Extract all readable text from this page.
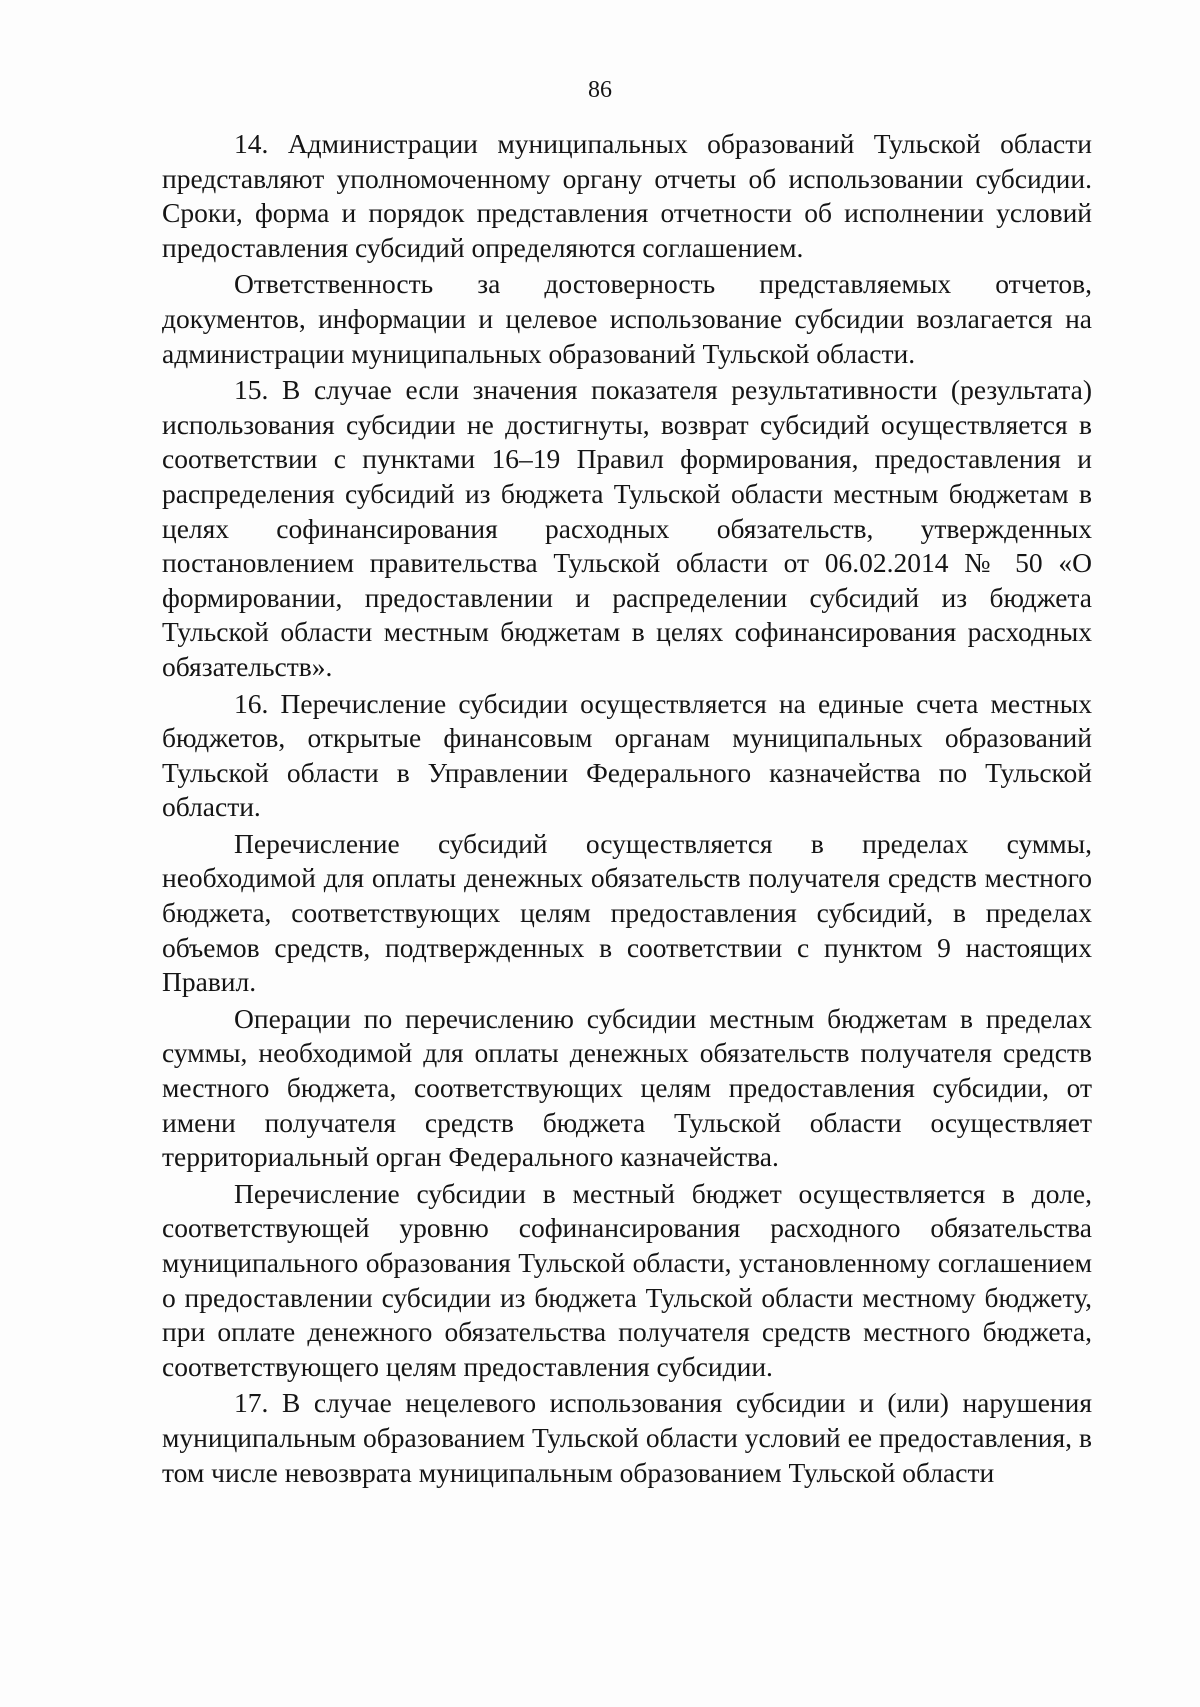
86

14. Администрации муниципальных образований Тульской области представляют уполномоченному органу отчеты об использовании субсидии. Сроки, форма и порядок представления отчетности об исполнении условий предоставления субсидий определяются соглашением.

Ответственность за достоверность представляемых отчетов, документов, информации и целевое использование субсидии возлагается на администрации муниципальных образований Тульской области.

15. В случае если значения показателя результативности (результата) использования субсидии не достигнуты, возврат субсидий осуществляется в соответствии с пунктами 16–19 Правил формирования, предоставления и распределения субсидий из бюджета Тульской области местным бюджетам в целях софинансирования расходных обязательств, утвержденных постановлением правительства Тульской области от 06.02.2014 № 50 «О формировании, предоставлении и распределении субсидий из бюджета Тульской области местным бюджетам в целях софинансирования расходных обязательств».

16. Перечисление субсидии осуществляется на единые счета местных бюджетов, открытые финансовым органам муниципальных образований Тульской области в Управлении Федерального казначейства по Тульской области.

Перечисление субсидий осуществляется в пределах суммы, необходимой для оплаты денежных обязательств получателя средств местного бюджета, соответствующих целям предоставления субсидий, в пределах объемов средств, подтвержденных в соответствии с пунктом 9 настоящих Правил.

Операции по перечислению субсидии местным бюджетам в пределах суммы, необходимой для оплаты денежных обязательств получателя средств местного бюджета, соответствующих целям предоставления субсидии, от имени получателя средств бюджета Тульской области осуществляет территориальный орган Федерального казначейства.

Перечисление субсидии в местный бюджет осуществляется в доле, соответствующей уровню софинансирования расходного обязательства муниципального образования Тульской области, установленному соглашением о предоставлении субсидии из бюджета Тульской области местному бюджету, при оплате денежного обязательства получателя средств местного бюджета, соответствующего целям предоставления субсидии.

17. В случае нецелевого использования субсидии и (или) нарушения муниципальным образованием Тульской области условий ее предоставления, в том числе невозврата муниципальным образованием Тульской области
